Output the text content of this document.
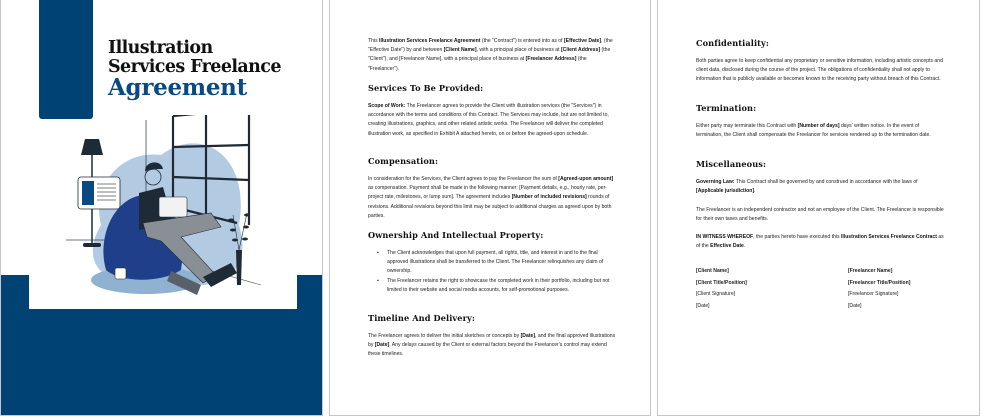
Illustration
Services Freelance
Agreement

This Illustration Services Freelance Agreement (the "Contract") is entered into as of [Effective Date], (the "Effective Date") by and between [Client Name], with a principal place of business at [Client Address] (the "Client"), and [Freelancer Name], with a principal place of business at [Freelancer Address] (the "Freelancer").

Services To Be Provided:

Scope of Work: The Freelancer agrees to provide the Client with illustration services (the "Services") in accordance with the terms and conditions of this Contract. The Services may include, but are not limited to, creating illustrations, graphics, and other related artistic works. The Freelancer will deliver the completed illustration work, as specified in Exhibit A attached hereto, on or before the agreed-upon schedule.

Compensation:

In consideration for the Services, the Client agrees to pay the Freelancer the sum of [Agreed-upon amount] as compensation. Payment shall be made in the following manner: [Payment details, e.g., hourly rate, per-project rate, milestones, or lump sum]. The agreement includes [Number of included revisions] rounds of revisions. Additional revisions beyond this limit may be subject to additional charges as agreed upon by both parties.

Ownership And Intellectual Property:
▪ The Client acknowledges that upon full payment, all rights, title, and interest in and to the final approved illustrations shall be transferred to the Client. The Freelancer relinquishes any claim of ownership.
▪ The Freelancer retains the right to showcase the completed work in their portfolio, including but not limited to their website and social media accounts, for self-promotional purposes.
Timeline And Delivery:

The Freelancer agrees to deliver the initial sketches or concepts by [Date], and the final approved illustrations by [Date]. Any delays caused by the Client or external factors beyond the Freelancer's control may extend these timelines.

Confidentiality:

Both parties agree to keep confidential any proprietary or sensitive information, including artistic concepts and client data, disclosed during the course of the project. The obligations of confidentiality shall not apply to information that is publicly available or becomes known to the receiving party without breach of this Contract.

Termination:

Either party may terminate this Contract with [Number of days] days' written notice. In the event of termination, the Client shall compensate the Freelancer for services rendered up to the termination date.

Miscellaneous:

Governing Law: This Contract shall be governed by and construed in accordance with the laws of [Applicable jurisdiction].

The Freelancer is an independent contractor and not an employee of the Client. The Freelancer is responsible for their own taxes and benefits.

IN WITNESS WHEREOF, the parties hereto have executed this Illustration Services Freelance Contract as of the Effective Date.

[Client Name]
[Client Title/Position]
[Client Signature]
[Date]
[Freelancer Name]
[Freelancer Title/Position]
[Freelancer Signature]
[Date]
